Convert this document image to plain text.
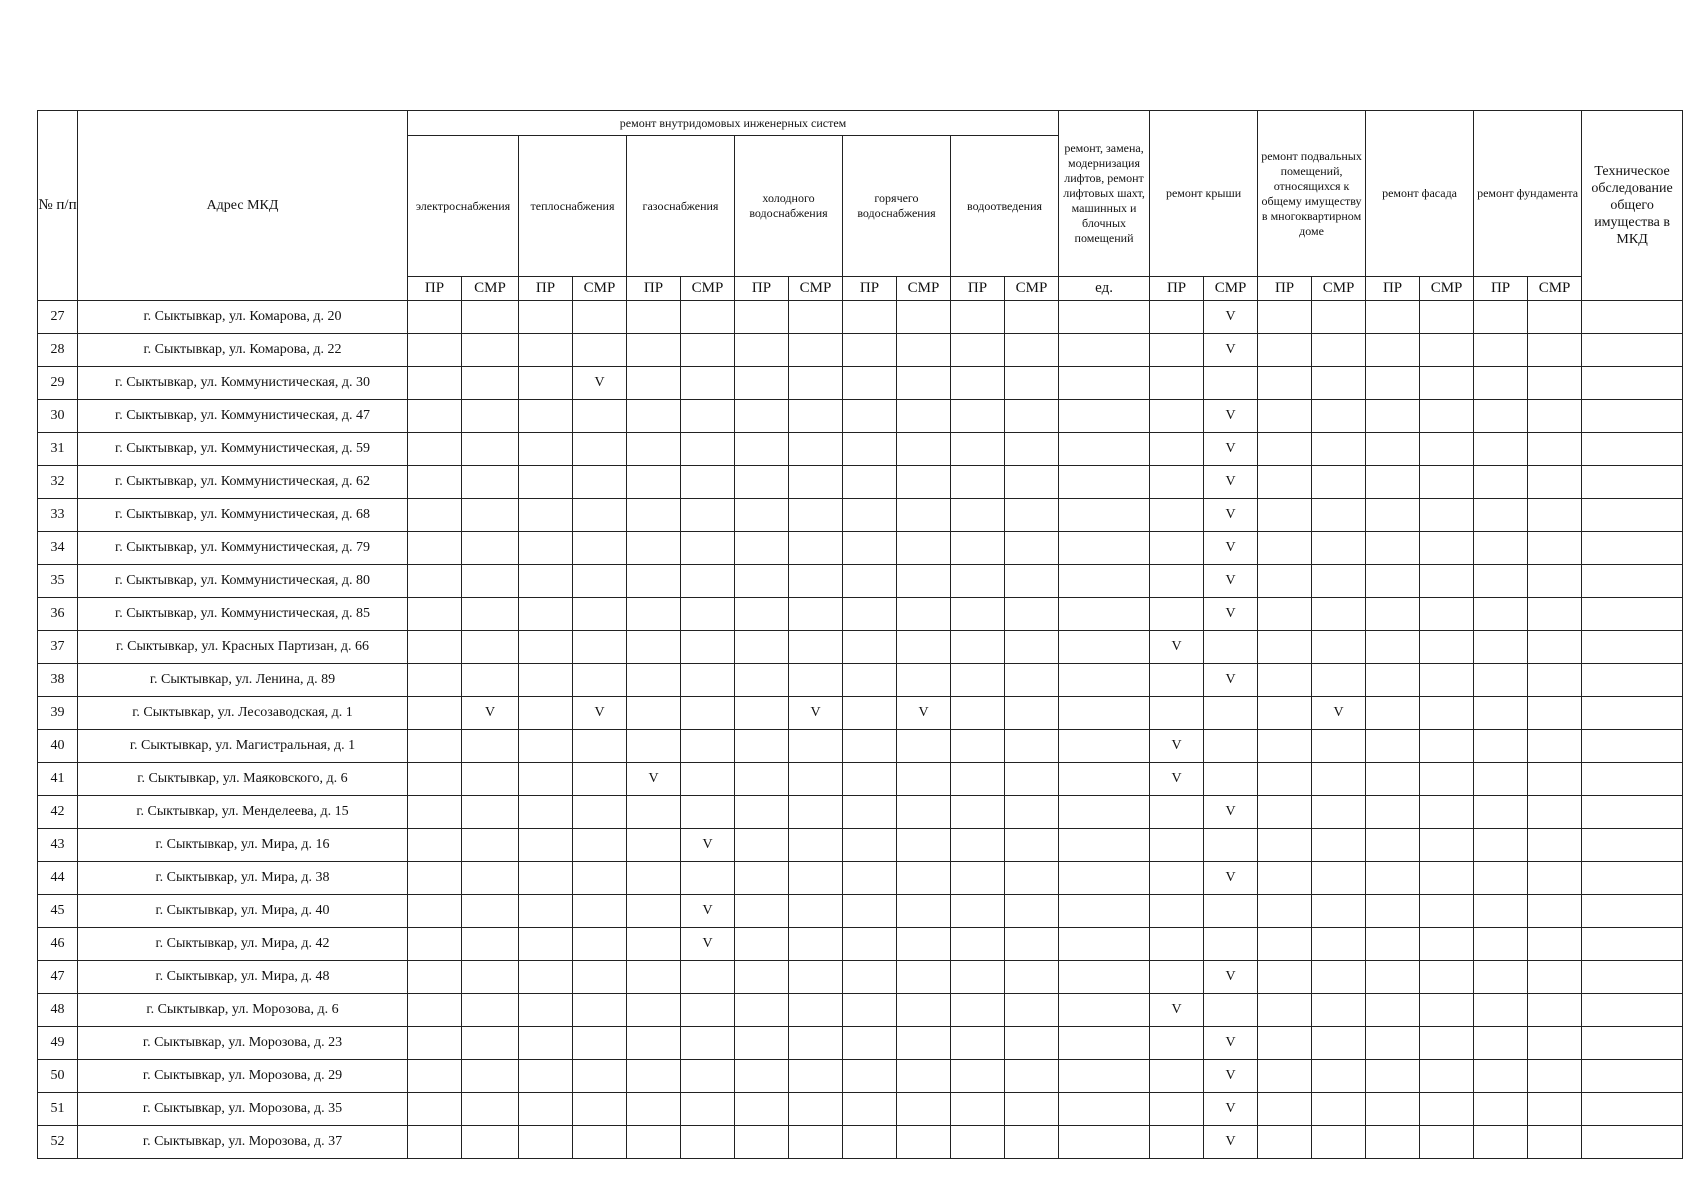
№ п/п	Адрес МКД	ремонт внутридомовых инженерных систем												ремонт, замена, модернизация лифтов, ремонт лифтовых шахт, машинных и блочных помещений	ремонт крыши		ремонт подвальных помещений, относящихся к общему имуществу в многоквартирном доме		ремонт фасада		ремонт фундамента		Техническое обследование общего имущества в МКД	
		электроснабжения		теплоснабжения		газоснабжения		холодного водоснабжения		горячего водоснабжения		водоотведения												
		ПР	СМР	ПР	СМР	ПР	СМР	ПР	СМР	ПР	СМР	ПР	СМР	ед.	ПР	СМР	ПР	СМР	ПР	СМР	ПР	СМР		
27	г. Сыктывкар, ул. Комарова, д. 20															V								
28	г. Сыктывкар, ул. Комарова, д. 22															V								
29	г. Сыктывкар, ул. Коммунистическая, д. 30				V																			
30	г. Сыктывкар, ул. Коммунистическая, д. 47															V								
31	г. Сыктывкар, ул. Коммунистическая, д. 59															V								
32	г. Сыктывкар, ул. Коммунистическая, д. 62															V								
33	г. Сыктывкар, ул. Коммунистическая, д. 68															V								
34	г. Сыктывкар, ул. Коммунистическая, д. 79															V								
35	г. Сыктывкар, ул. Коммунистическая, д. 80															V								
36	г. Сыктывкар, ул. Коммунистическая, д. 85															V								
37	г. Сыктывкар, ул. Красных Партизан, д. 66														V									
38	г. Сыктывкар, ул. Ленина, д. 89															V								
39	г. Сыктывкар, ул. Лесозаводская, д. 1		V		V				V		V							V						
40	г. Сыктывкар, ул. Магистральная, д. 1														V									
41	г. Сыктывкар, ул. Маяковского, д. 6					V									V									
42	г. Сыктывкар, ул. Менделеева, д. 15															V								
43	г. Сыктывкар, ул. Мира, д. 16						V																	
44	г. Сыктывкар, ул. Мира, д. 38															V								
45	г. Сыктывкар, ул. Мира, д. 40						V																	
46	г. Сыктывкар, ул. Мира, д. 42						V																	
47	г. Сыктывкар, ул. Мира, д. 48															V								
48	г. Сыктывкар, ул. Морозова, д. 6														V									
49	г. Сыктывкар, ул. Морозова, д. 23															V								
50	г. Сыктывкар, ул. Морозова, д. 29															V								
51	г. Сыктывкар, ул. Морозова, д. 35															V								
52	г. Сыктывкар, ул. Морозова, д. 37															V								
